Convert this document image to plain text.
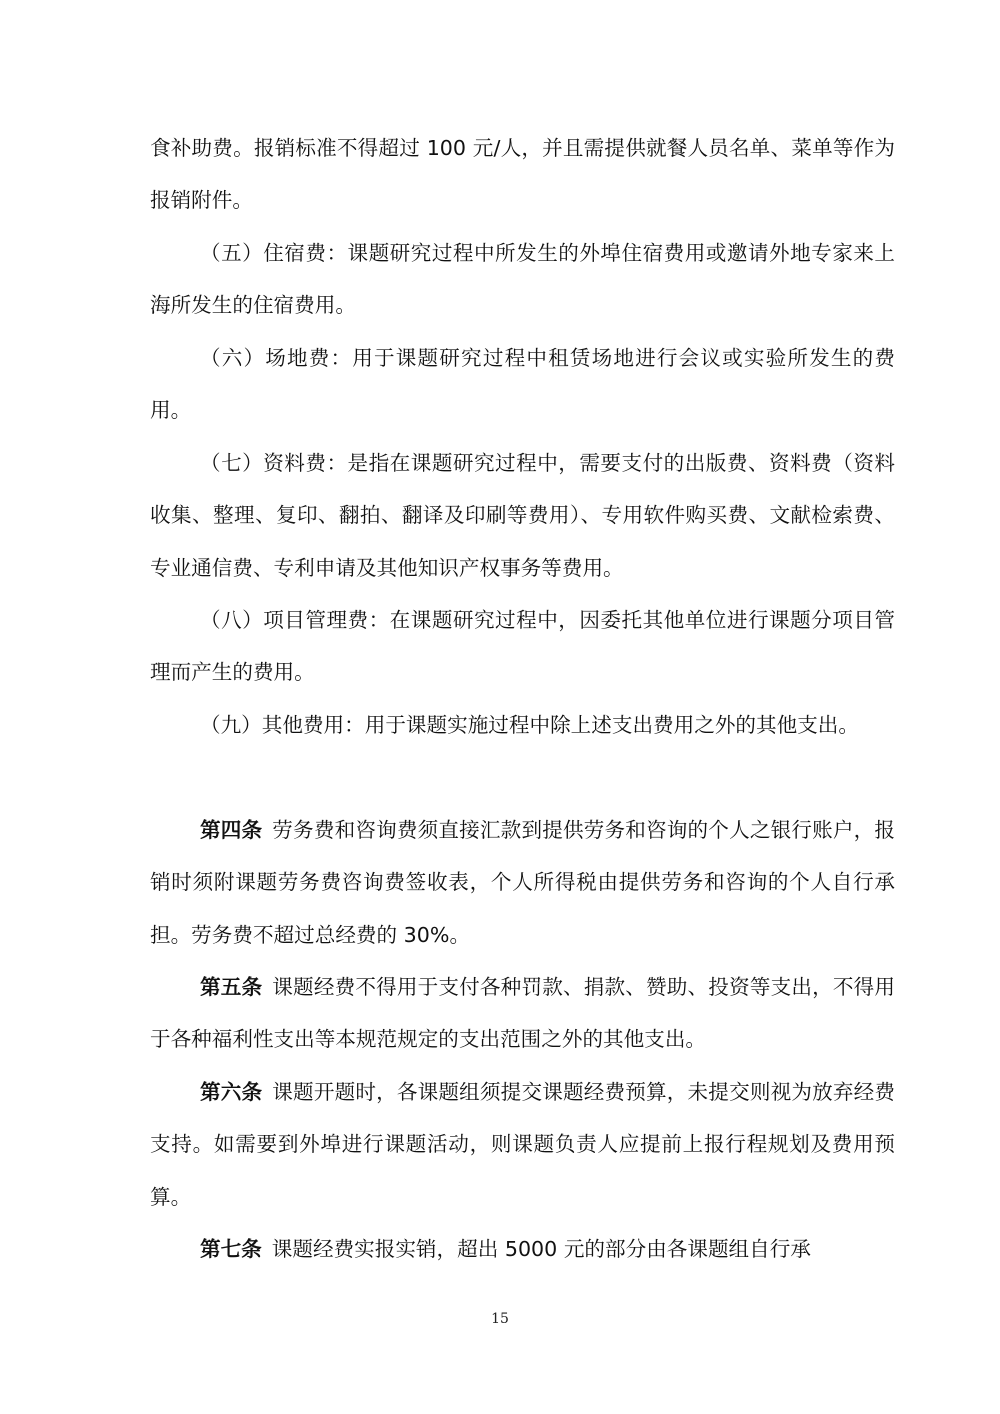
食补助费。报销标准不得超过 100 元/人，并且需提供就餐人员名单、菜单等作为报销附件。

（五）住宿费：课题研究过程中所发生的外埠住宿费用或邀请外地专家来上海所发生的住宿费用。

（六）场地费：用于课题研究过程中租赁场地进行会议或实验所发生的费用。

（七）资料费：是指在课题研究过程中，需要支付的出版费、资料费（资料收集、整理、复印、翻拍、翻译及印刷等费用）、专用软件购买费、文献检索费、专业通信费、专利申请及其他知识产权事务等费用。

（八）项目管理费：在课题研究过程中，因委托其他单位进行课题分项目管理而产生的费用。

（九）其他费用：用于课题实施过程中除上述支出费用之外的其他支出。

第四条 劳务费和咨询费须直接汇款到提供劳务和咨询的个人之银行账户，报销时须附课题劳务费咨询费签收表，个人所得税由提供劳务和咨询的个人自行承担。劳务费不超过总经费的 30%。

第五条 课题经费不得用于支付各种罚款、捐款、赞助、投资等支出，不得用于各种福利性支出等本规范规定的支出范围之外的其他支出。

第六条 课题开题时，各课题组须提交课题经费预算，未提交则视为放弃经费支持。如需要到外埠进行课题活动，则课题负责人应提前上报行程规划及费用预算。

第七条 课题经费实报实销，超出 5000 元的部分由各课题组自行承

15
